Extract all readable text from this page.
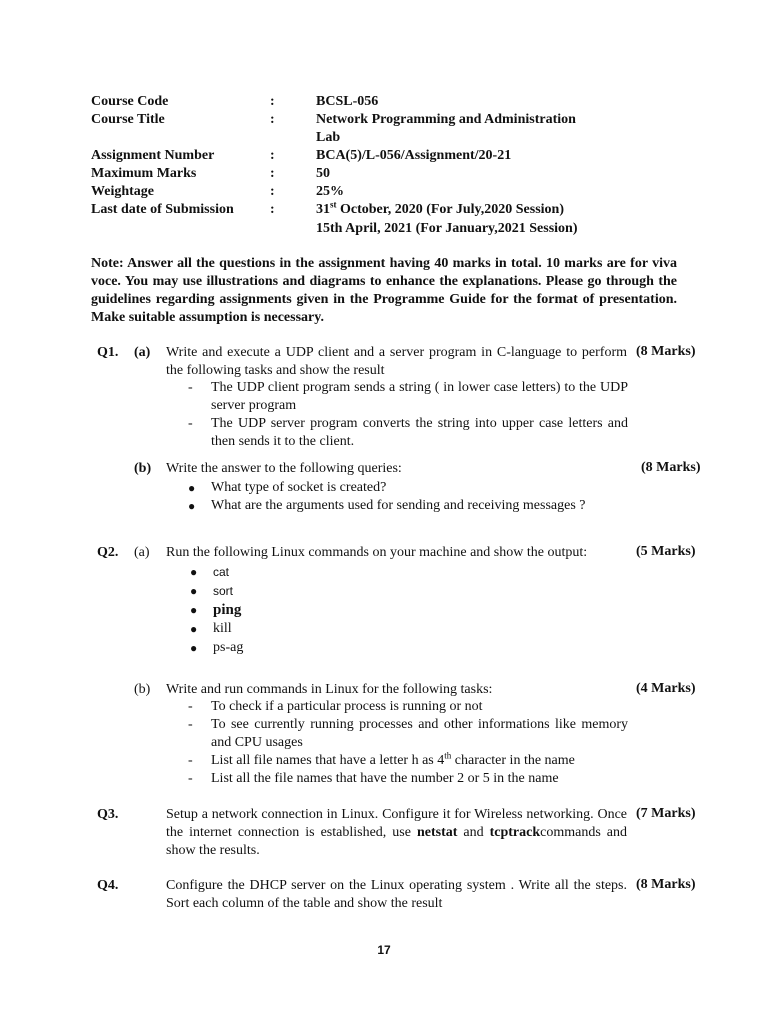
Course Code	:	BCSL-056
Course Title	:	Network Programming and Administration
Lab
Assignment Number	:	BCA(5)/L-056/Assignment/20-21
Maximum Marks	:	50
Weightage	:	25%
Last date of Submission	:	31st October, 2020 (For July,2020 Session)
15th April, 2021 (For January,2021 Session)
Note: Answer all the questions in the assignment having 40 marks in total. 10 marks are for viva voce. You may use illustrations and diagrams to enhance the explanations. Please go through the guidelines regarding assignments given in the Programme Guide for the format of presentation. Make suitable assumption is necessary.
Q1. (a) Write and execute a UDP client and a server program in C-language to perform the following tasks and show the result
(8 Marks)
- The UDP client program sends a string ( in lower case letters) to the UDP server program
- The UDP server program converts the string into upper case letters and then sends it to the client.
(b) Write the answer to the following queries:	(8 Marks)
● What type of socket is created?
● What are the arguments used for sending and receiving messages ?
Q2. (a) Run the following Linux commands on your machine and show the output:	(5 Marks)
● cat
● sort
● ping
● kill
● ps-ag
(b) Write and run commands in Linux for the following tasks:	(4 Marks)
- To check if a particular process is running or not
- To see currently running processes and other informations like memory and CPU usages
- List all file names that have a letter h as 4th character in the name
- List all the file names that have the number 2 or 5 in the name
Q3.	Setup a network connection in Linux. Configure it for Wireless networking. Once the internet connection is established, use netstat and tcptrackcommands and show the results.
(7 Marks)
Q4.	Configure the DHCP server on the Linux operating system . Write all the steps. Sort each column of the table and show the result
(8 Marks)
17
